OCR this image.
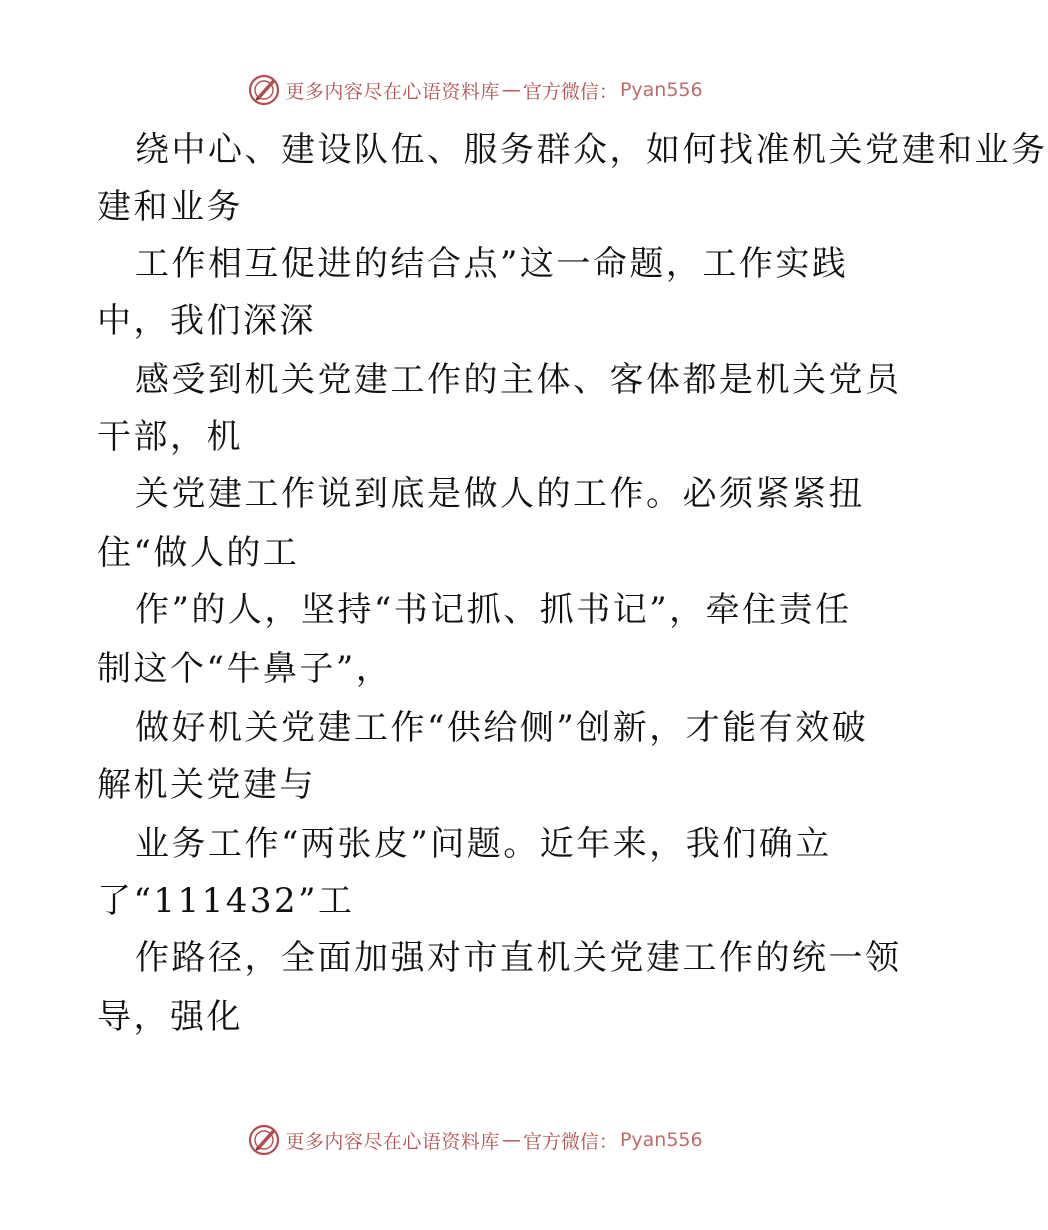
更多内容尽在心语资料库 — 官方微信： Pyan556
绕中心、建设队伍、服务群众，如何找准机关党建和业务
建和业务
工作相互促进的结合点”这一命题，工作实践
中，我们深深
感受到机关党建工作的主体、客体都是机关党员
干部，机
关党建工作说到底是做人的工作。必须紧紧扭
住“做人的工
作”的人，坚持“书记抓、抓书记”，牵住责任
制这个“牛鼻子”，
做好机关党建工作“供给侧”创新，才能有效破
解机关党建与
业务工作“两张皮”问题。近年来，我们确立
了“111432”工
作路径，全面加强对市直机关党建工作的统一领
导，强化
更多内容尽在心语资料库 — 官方微信： Pyan556
